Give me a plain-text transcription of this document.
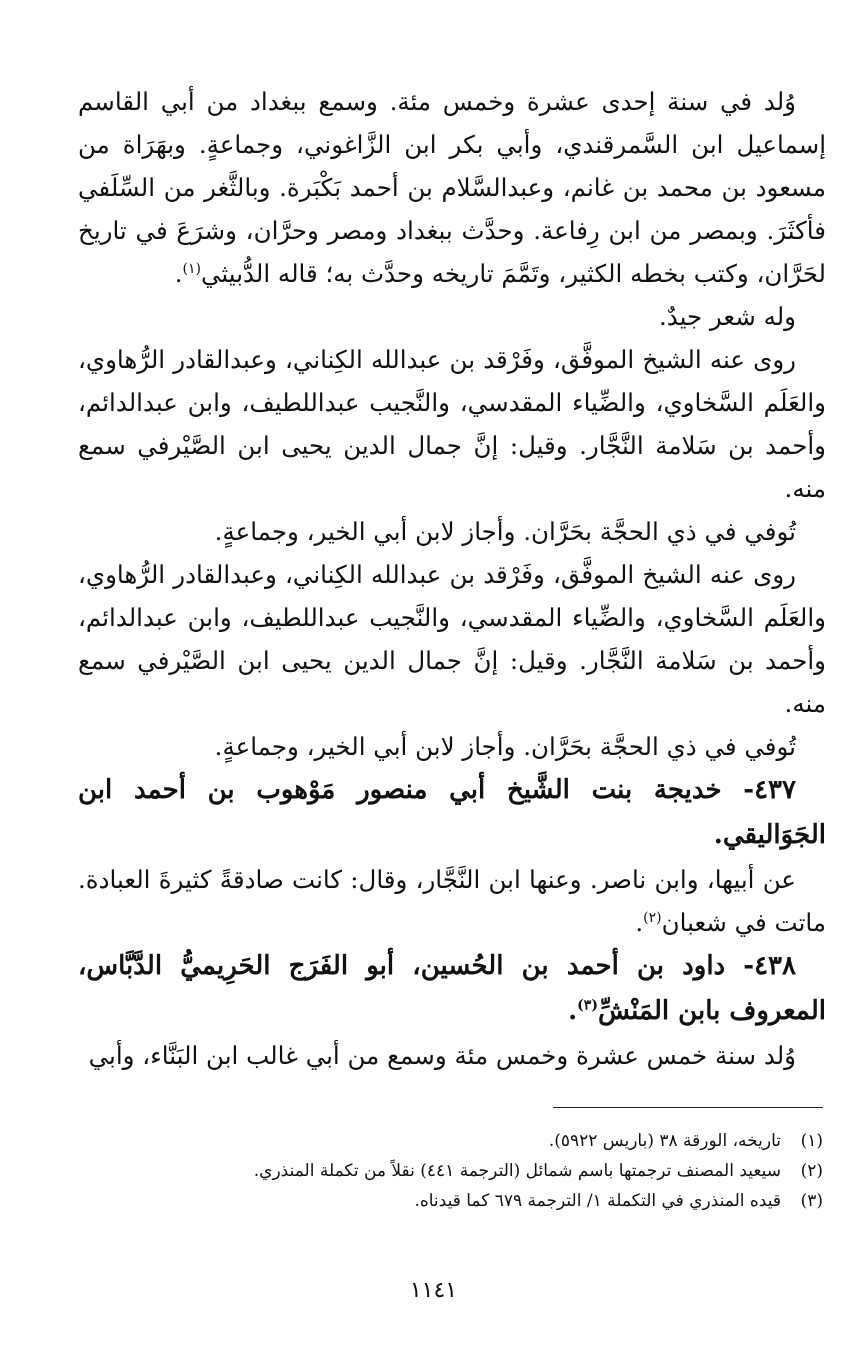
وُلد في سنة إحدى عشرة وخمس مئة. وسمع ببغداد من أبي القاسم إسماعيل ابن السَّمرقندي، وأبي بكر ابن الزَّاغوني، وجماعةٍ. وبهَرَاة من مسعود بن محمد بن غانم، وعبدالسَّلام بن أحمد بَكْبَرة. وبالثَّغر من السِّلَفي فأكثَرَ. وبمصر من ابن رِفاعة. وحدَّث ببغداد ومصر وحرَّان، وشرَعَ في تاريخ لحَرَّان، وكتب بخطه الكثير، وتَمَّمَ تاريخه وحدَّث به؛ قاله الدُّبيثي$^{(١)}$.

وله شعر جيدٌ.

روى عنه الشيخ الموفَّق، وفَرْقد بن عبدالله الكِناني، وعبدالقادر الرُّهاوي، والعَلَم السَّخاوي، والضِّياء المقدسي، والنَّجيب عبداللطيف، وابن عبدالدائم، وأحمد بن سَلامة النَّجَّار. وقيل: إنَّ جمال الدين يحيى ابن الصَّيْرفي سمع منه.

تُوفي في ذي الحجَّة بحَرَّان. وأجاز لابن أبي الخير، وجماعةٍ.

روى عنه الشيخ الموفَّق، وفَرْقد بن عبدالله الكِناني، وعبدالقادر الرُّهاوي، والعَلَم السَّخاوي، والضِّياء المقدسي، والنَّجيب عبداللطيف، وابن عبدالدائم، وأحمد بن سَلامة النَّجَّار. وقيل: إنَّ جمال الدين يحيى ابن الصَّيْرفي سمع منه.

تُوفي في ذي الحجَّة بحَرَّان. وأجاز لابن أبي الخير، وجماعةٍ.

٤٣٧- خديجة بنت الشَّيخ أبي منصور مَوْهوب بن أحمد ابن الجَوَاليقي.

عن أبيها، وابن ناصر. وعنها ابن النَّجَّار، وقال: كانت صادقةً كثيرةَ العبادة. ماتت في شعبان$^{(٢)}$.

٤٣٨- داود بن أحمد بن الحُسين، أبو الفَرَج الحَرِيميُّ الدَّبَّاس، المعروف بابن المَنْشِّ$^{(٣)}$.

وُلد سنة خمس عشرة وخمس مئة وسمع من أبي غالب ابن البَنَّاء، وأبي

(١)
تاريخه، الورقة ٣٨ (باريس ٥٩٢٢).
(٢)
سيعيد المصنف ترجمتها باسم شمائل (الترجمة ٤٤١) نقلاً من تكملة المنذري.
(٣)
قيده المنذري في التكملة ١/ الترجمة ٦٧٩ كما قيدناه.
١١٤١
